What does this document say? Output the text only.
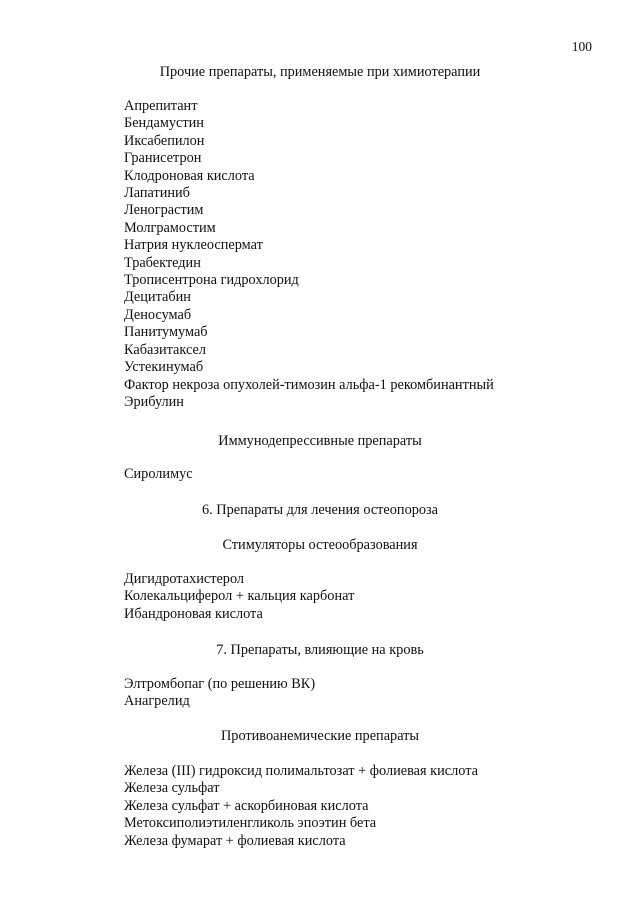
100
Прочие препараты, применяемые при химиотерапии
Апрепитант
Бендамустин
Иксабепилон
Гранисетрон
Клодроновая кислота
Лапатиниб
Ленограстим
Молграмостим
Натрия нуклеоспермат
Трабектедин
Трописентрона гидрохлорид
Децитабин
Деносумаб
Панитумумаб
Кабазитаксел
Устекинумаб
Фактор некроза опухолей-тимозин альфа-1 рекомбинантный
Эрибулин
Иммунодепрессивные препараты
Сиролимус
6. Препараты для лечения остеопороза
Стимуляторы остеообразования
Дигидротахистерол
Колекальциферол + кальция карбонат
Ибандроновая кислота
7. Препараты, влияющие на кровь
Элтромбопаг (по решению ВК)
Анагрелид
Противоанемические препараты
Железа (III) гидроксид полимальтозат + фолиевая кислота
Железа сульфат
Железа сульфат + аскорбиновая кислота
Метоксиполиэтиленгликоль эпоэтин бета
Железа фумарат + фолиевая кислота
